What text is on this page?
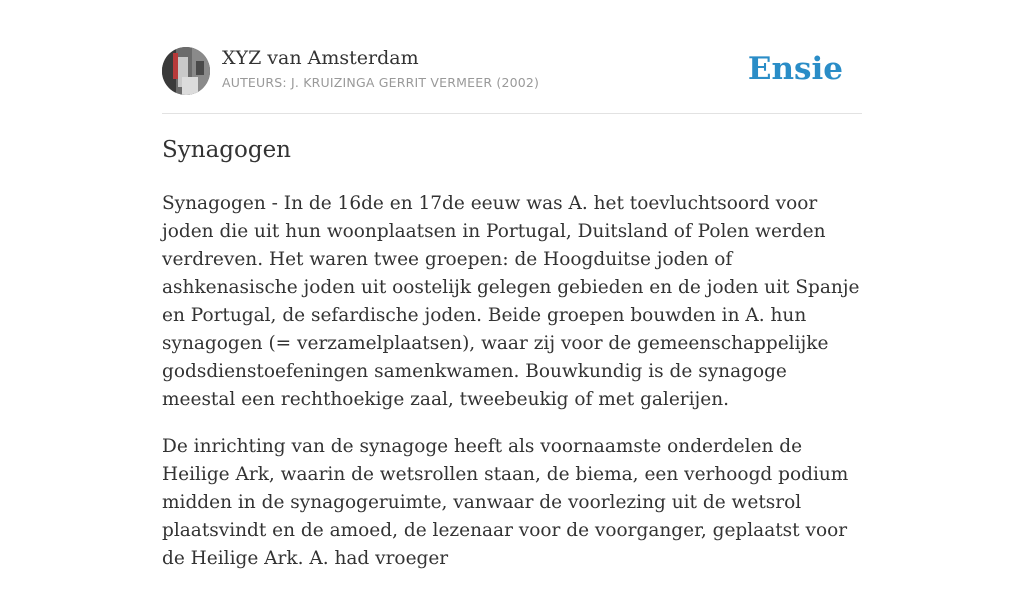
XYZ van Amsterdam
AUTEURS: J. KRUIZINGA GERRIT VERMEER (2002)	Ensie
Synagogen

Synagogen - In de 16de en 17de eeuw was A. het toevluchtsoord voor joden die uit hun woonplaatsen in Portugal, Duitsland of Polen werden verdreven. Het waren twee groepen: de Hoogduitse joden of ashkenasische joden uit oostelijk gelegen gebieden en de joden uit Spanje en Portugal, de sefardische joden. Beide groepen bouwden in A. hun synagogen (= verzamelplaatsen), waar zij voor de gemeenschappelijke godsdienstoefeningen samenkwamen. Bouwkundig is de synagoge meestal een rechthoekige zaal, tweebeukig of met galerijen.

De inrichting van de synagoge heeft als voornaamste onderdelen de Heilige Ark, waarin de wetsrollen staan, de biema, een verhoogd podium midden in de synagogeruimte, vanwaar de voorlezing uit de wetsrol plaatsvindt en de amoed, de lezenaar voor de voorganger, geplaatst voor de Heilige Ark. A. had vroeger
